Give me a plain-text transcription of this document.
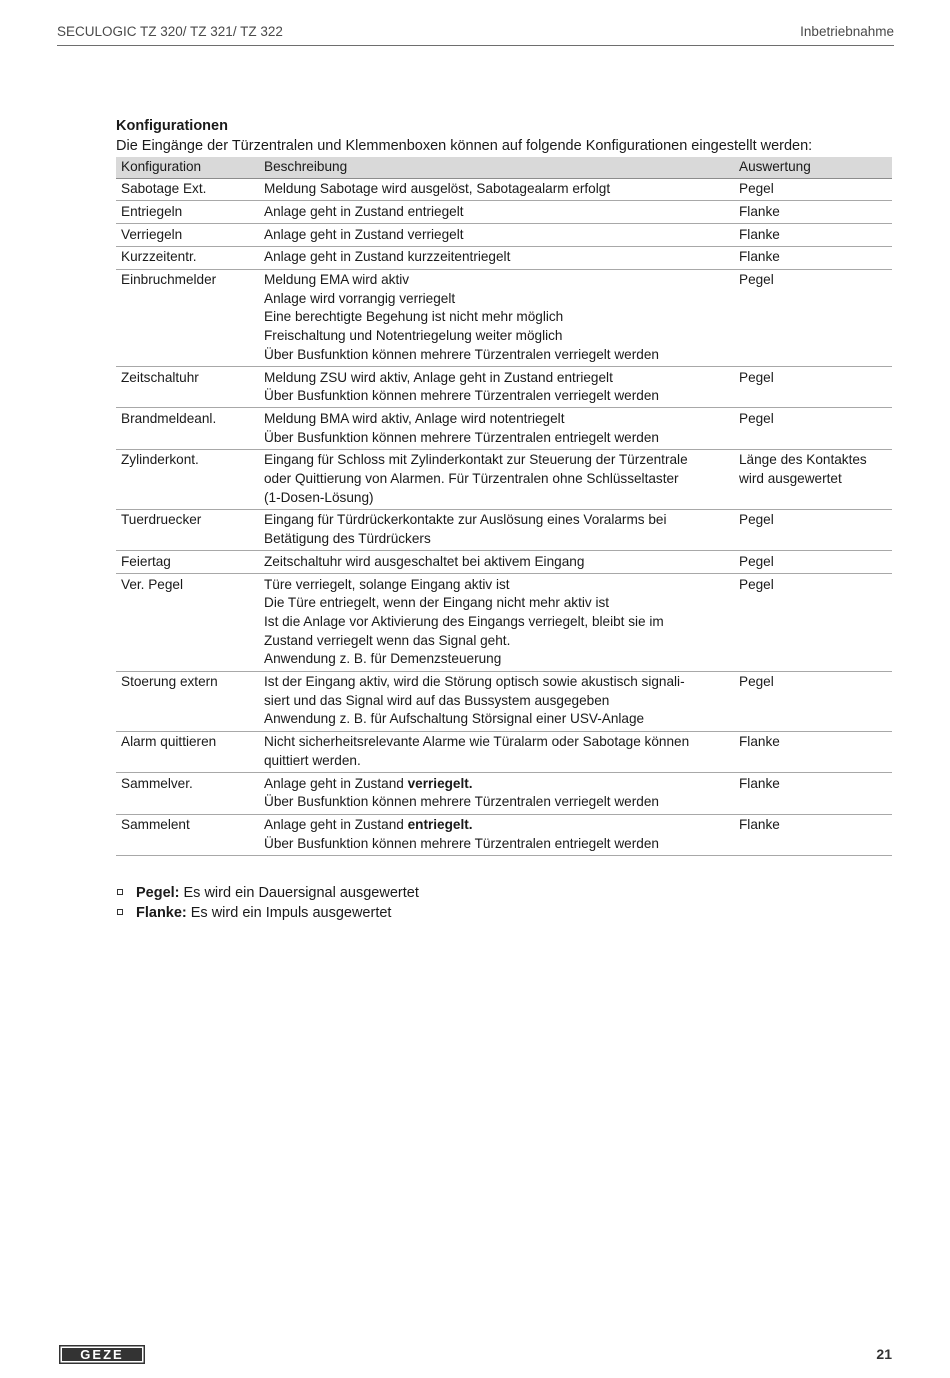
SECULOGIC TZ 320/ TZ 321/ TZ 322	Inbetriebnahme

Konfigurationen

Die Eingänge der Türzentralen und Klemmenboxen können auf folgende Konfigurationen eingestellt werden:

Konfiguration	Beschreibung	Auswertung
Sabotage Ext.	Meldung Sabotage wird ausgelöst, Sabotagealarm erfolgt	Pegel

Entriegeln	Anlage geht in Zustand entriegelt	Flanke

Verriegeln	Anlage geht in Zustand verriegelt	Flanke

Kurzzeitentr.	Anlage geht in Zustand kurzzeitentriegelt	Flanke

Einbruchmelder	Meldung EMA wird aktiv
Anlage wird vorrangig verriegelt
Eine berechtigte Begehung ist nicht mehr möglich
Freischaltung und Notentriegelung weiter möglich
Über Busfunktion können mehrere Türzentralen verriegelt werden	Pegel

Zeitschaltuhr	Meldung ZSU wird aktiv, Anlage geht in Zustand entriegelt
Über Busfunktion können mehrere Türzentralen verriegelt werden	Pegel

Brandmeldeanl.	Meldung BMA wird aktiv, Anlage wird notentriegelt
Über Busfunktion können mehrere Türzentralen entriegelt werden	Pegel

Zylinderkont.	Eingang für Schloss mit Zylinderkontakt zur Steuerung der Türzentrale
oder Quittierung von Alarmen. Für Türzentralen ohne Schlüsseltaster
(1-Dosen-Lösung)	Länge des Kontaktes
wird ausgewertet

Tuerdruecker	Eingang für Türdrückerkontakte zur Auslösung eines Voralarms bei
Betätigung des Türdrückers	Pegel

Feiertag	Zeitschaltuhr wird ausgeschaltet bei aktivem Eingang	Pegel

Ver. Pegel	Türe verriegelt, solange Eingang aktiv ist
Die Türe entriegelt, wenn der Eingang nicht mehr aktiv ist
Ist die Anlage vor Aktivierung des Eingangs verriegelt, bleibt sie im
Zustand verriegelt wenn das Signal geht.
Anwendung z. B. für Demenzsteuerung	Pegel

Stoerung extern	Ist der Eingang aktiv, wird die Störung optisch sowie akustisch signali-
siert und das Signal wird auf das Bussystem ausgegeben
Anwendung z. B. für Aufschaltung Störsignal einer USV-Anlage	Pegel

Alarm quittieren	Nicht sicherheitsrelevante Alarme wie Türalarm oder Sabotage können
quittiert werden.	Flanke

Sammelver.	Anlage geht in Zustand verriegelt.
Über Busfunktion können mehrere Türzentralen verriegelt werden	Flanke

Sammelent	Anlage geht in Zustand entriegelt.
Über Busfunktion können mehrere Türzentralen entriegelt werden	Flanke
Pegel: Es wird ein Dauersignal ausgewertet
Flanke: Es wird ein Impuls ausgewertet
GEZE	21
